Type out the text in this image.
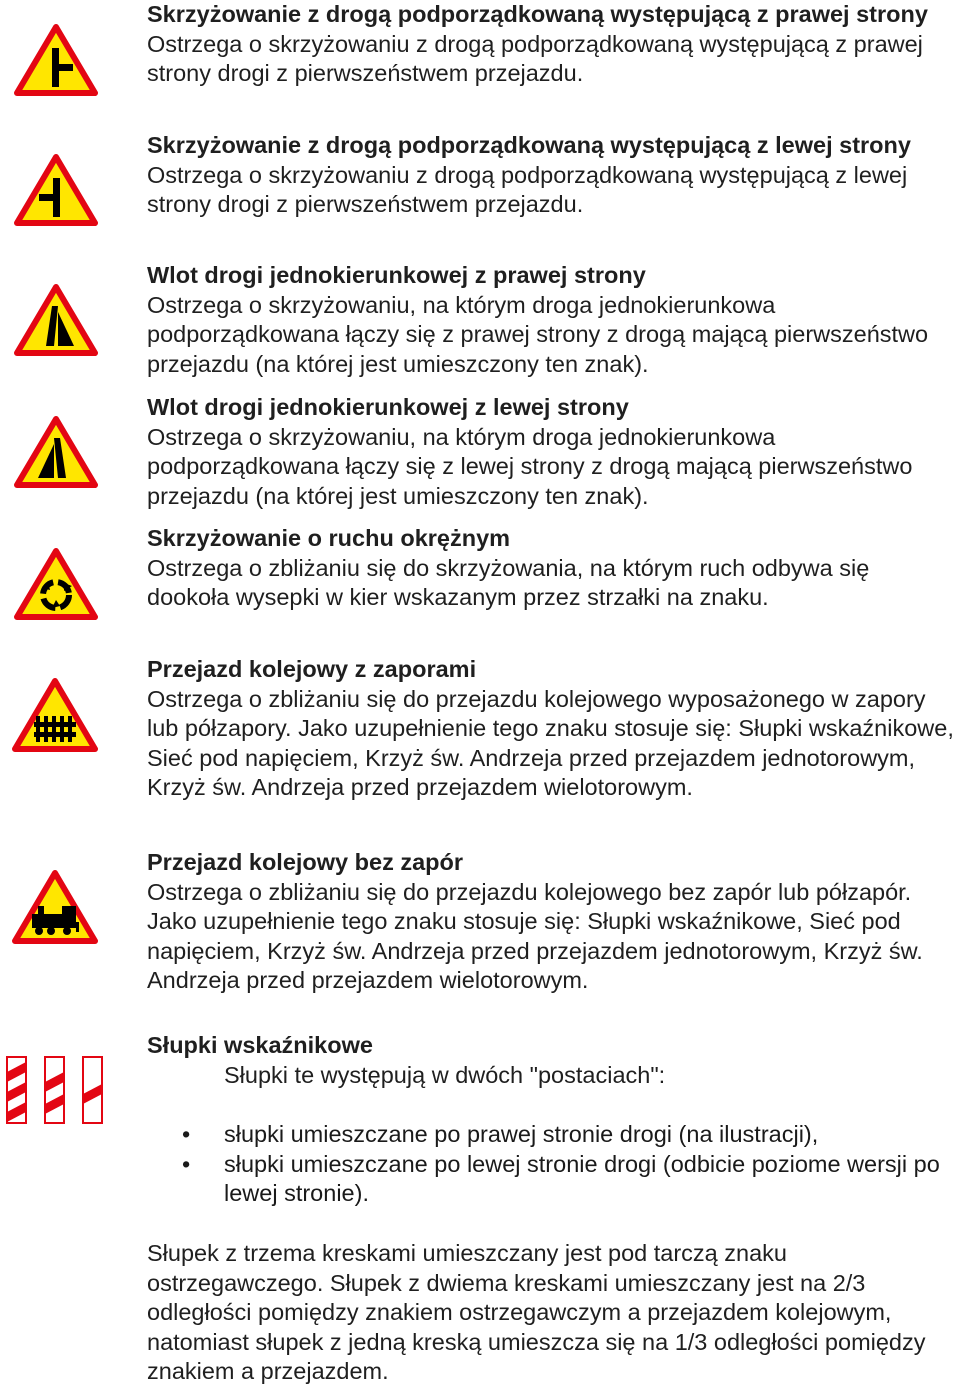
Skrzyżowanie z drogą podporządkowaną występującą z prawej strony
Ostrzega o skrzyżowaniu z drogą podporządkowaną występującą z prawej strony drogi z pierwszeństwem przejazdu.
Skrzyżowanie z drogą podporządkowaną występującą z lewej strony
Ostrzega o skrzyżowaniu z drogą podporządkowaną występującą z lewej strony drogi z pierwszeństwem przejazdu.
Wlot drogi jednokierunkowej z prawej strony
Ostrzega o skrzyżowaniu, na którym droga jednokierunkowa podporządkowana łączy się z prawej strony z drogą mającą pierwszeństwo przejazdu (na której jest umieszczony ten znak).
Wlot drogi jednokierunkowej z lewej strony
Ostrzega o skrzyżowaniu, na którym droga jednokierunkowa podporządkowana łączy się z lewej strony z drogą mającą pierwszeństwo przejazdu (na której jest umieszczony ten znak).
Skrzyżowanie o ruchu okrężnym
Ostrzega o zbliżaniu się do skrzyżowania, na którym ruch odbywa się dookoła wysepki w kier wskazanym przez strzałki na znaku.
Przejazd kolejowy z zaporami
Ostrzega o zbliżaniu się do przejazdu kolejowego wyposażonego w zapory lub półzapory. Jako uzupełnienie tego znaku stosuje się: Słupki wskaźnikowe, Sieć pod napięciem, Krzyż św. Andrzeja przed przejazdem jednotorowym, Krzyż św. Andrzeja przed przejazdem wielotorowym.
Przejazd kolejowy bez zapór
Ostrzega o zbliżaniu się do przejazdu kolejowego bez zapór lub półzapór. Jako uzupełnienie tego znaku stosuje się: Słupki wskaźnikowe, Sieć pod napięciem, Krzyż św. Andrzeja przed przejazdem jednotorowym, Krzyż św. Andrzeja przed przejazdem wielotorowym.
Słupki wskaźnikowe
Słupki te występują w dwóch "postaciach":
• słupki umieszczane po prawej stronie drogi (na ilustracji),
• słupki umieszczane po lewej stronie drogi (odbicie poziome wersji po lewej stronie).
Słupek z trzema kreskami umieszczany jest pod tarczą znaku ostrzegawczego. Słupek z dwiema kreskami umieszczany jest na 2/3 odległości pomiędzy znakiem ostrzegawczym a przejazdem kolejowym, natomiast słupek z jedną kreską umieszcza się na 1/3 odległości pomiędzy znakiem a przejazdem.
